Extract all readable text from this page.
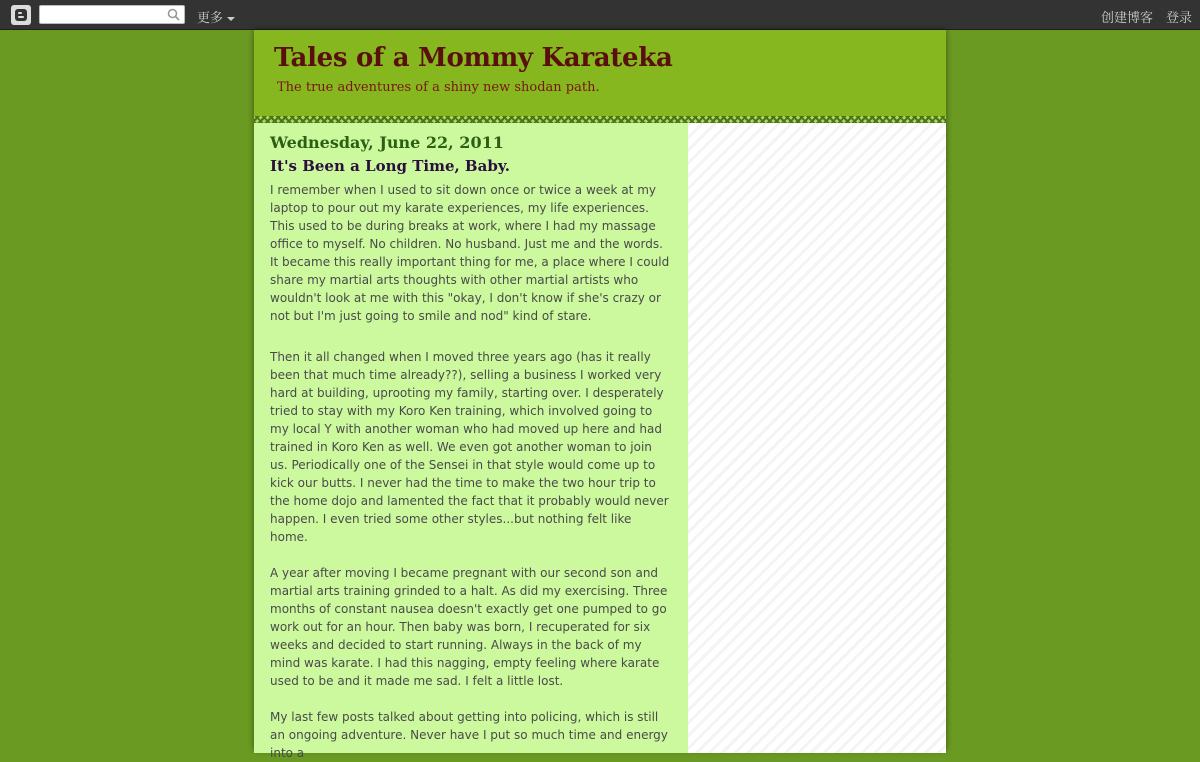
更多	创建博客 登录
Tales of a Mommy Karateka
The true adventures of a shiny new shodan path.
Wednesday, June 22, 2011
It's Been a Long Time, Baby.

I remember when I used to sit down once or twice a week at my laptop to pour out my karate experiences, my life experiences. This used to be during breaks at work, where I had my massage office to myself. No children. No husband. Just me and the words. It became this really important thing for me, a place where I could share my martial arts thoughts with other martial artists who wouldn't look at me with this "okay, I don't know if she's crazy or not but I'm just going to smile and nod" kind of stare.

Then it all changed when I moved three years ago (has it really been that much time already??), selling a business I worked very hard at building, uprooting my family, starting over. I desperately tried to stay with my Koro Ken training, which involved going to my local Y with another woman who had moved up here and had trained in Koro Ken as well. We even got another woman to join us. Periodically one of the Sensei in that style would come up to kick our butts. I never had the time to make the two hour trip to the home dojo and lamented the fact that it probably would never happen. I even tried some other styles...but nothing felt like home.

A year after moving I became pregnant with our second son and martial arts training grinded to a halt. As did my exercising. Three months of constant nausea doesn't exactly get one pumped to go work out for an hour. Then baby was born, I recuperated for six weeks and decided to start running. Always in the back of my mind was karate. I had this nagging, empty feeling where karate used to be and it made me sad. I felt a little lost.

My last few posts talked about getting into policing, which is still an ongoing adventure. Never have I put so much time and energy into a
